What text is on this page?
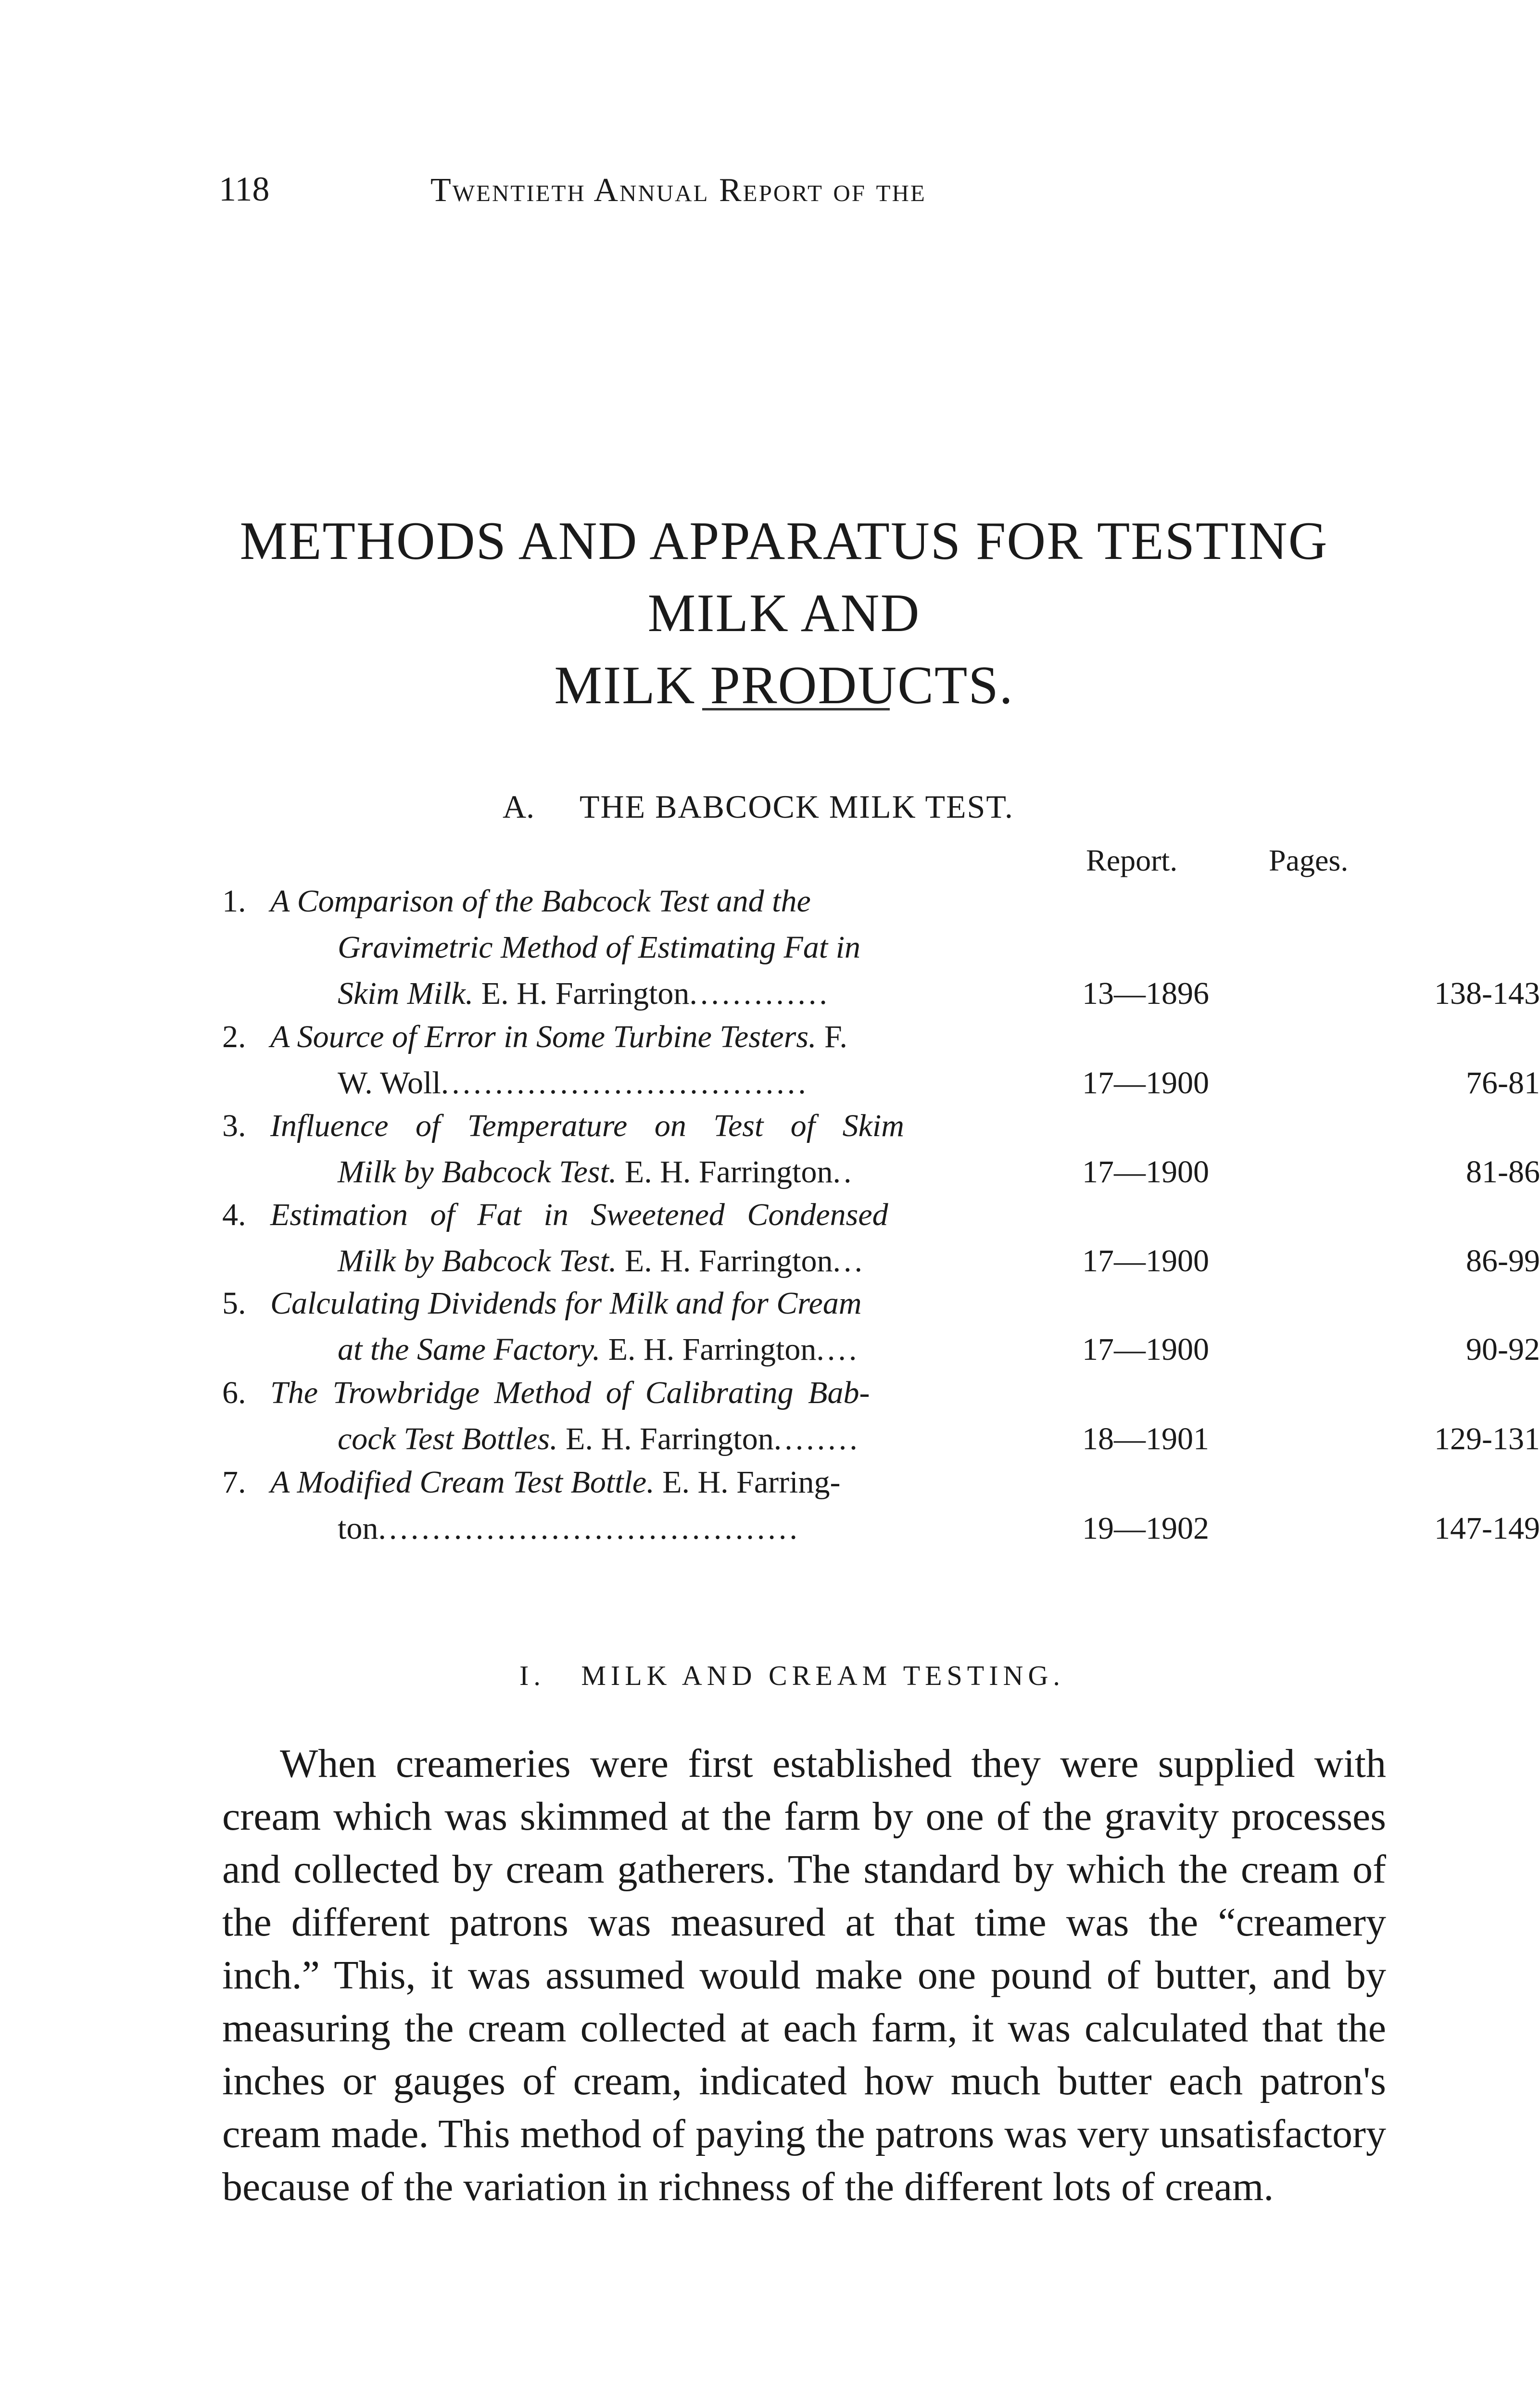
118	Twentieth Annual Report of the
METHODS AND APPARATUS FOR TESTING MILK AND
MILK PRODUCTS.
A. THE BABCOCK MILK TEST.
Report.	Pages.
1. A Comparison of the Babcock Test and the
Gravimetric Method of Estimating Fat in
Skim Milk. E. H. Farrington.............	13—1896	138-143
2. A Source of Error in Some Turbine Testers. F.
W. Woll..................................	17—1900	76-81
3. Influence of Temperature on Test of Skim
Milk by Babcock Test. E. H. Farrington..	17—1900	81-86
4. Estimation of Fat in Sweetened Condensed
Milk by Babcock Test. E. H. Farrington...	17—1900	86-99
5. Calculating Dividends for Milk and for Cream
at the Same Factory. E. H. Farrington....	17—1900	90-92
6. The Trowbridge Method of Calibrating Bab-
cock Test Bottles. E. H. Farrington........	18—1901	129-131
7. A Modified Cream Test Bottle. E. H. Farring-
ton.......................................	19—1902	147-149
I. MILK AND CREAM TESTING.

When creameries were first established they were supplied with cream which was skimmed at the farm by one of the gravity processes and collected by cream gatherers. The standard by which the cream of the different patrons was measured at that time was the “creamery inch.” This, it was assumed would make one pound of butter, and by measuring the cream collected at each farm, it was calculated that the inches or gauges of cream, indicated how much butter each patron's cream made. This method of paying the patrons was very unsatisfactory because of the variation in richness of the different lots of cream.
